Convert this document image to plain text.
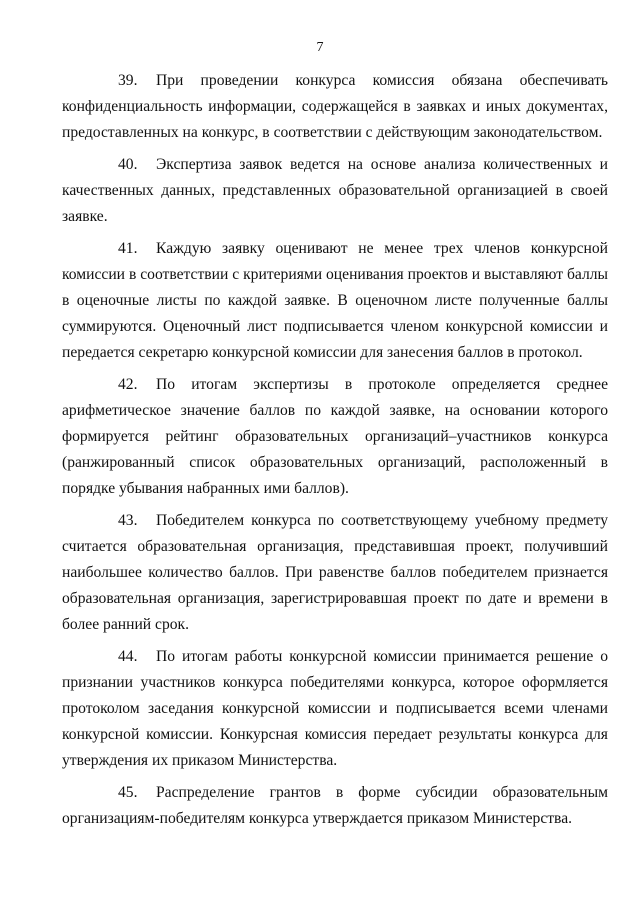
7

39. При проведении конкурса комиссия обязана обеспечивать конфиденциальность информации, содержащейся в заявках и иных документах, предоставленных на конкурс, в соответствии с действующим законодательством.

40. Экспертиза заявок ведется на основе анализа количественных и качественных данных, представленных образовательной организацией в своей заявке.

41. Каждую заявку оценивают не менее трех членов конкурсной комиссии в соответствии с критериями оценивания проектов и выставляют баллы в оценочные листы по каждой заявке. В оценочном листе полученные баллы суммируются. Оценочный лист подписывается членом конкурсной комиссии и передается секретарю конкурсной комиссии для занесения баллов в протокол.

42. По итогам экспертизы в протоколе определяется среднее арифметическое значение баллов по каждой заявке, на основании которого формируется рейтинг образовательных организаций–участников конкурса (ранжированный список образовательных организаций, расположенный в порядке убывания набранных ими баллов).

43. Победителем конкурса по соответствующему учебному предмету считается образовательная организация, представившая проект, получивший наибольшее количество баллов. При равенстве баллов победителем признается образовательная организация, зарегистрировавшая проект по дате и времени в более ранний срок.

44. По итогам работы конкурсной комиссии принимается решение о признании участников конкурса победителями конкурса, которое оформляется протоколом заседания конкурсной комиссии и подписывается всеми членами конкурсной комиссии. Конкурсная комиссия передает результаты конкурса для утверждения их приказом Министерства.

45. Распределение грантов в форме субсидии образовательным организациям-победителям конкурса утверждается приказом Министерства.
